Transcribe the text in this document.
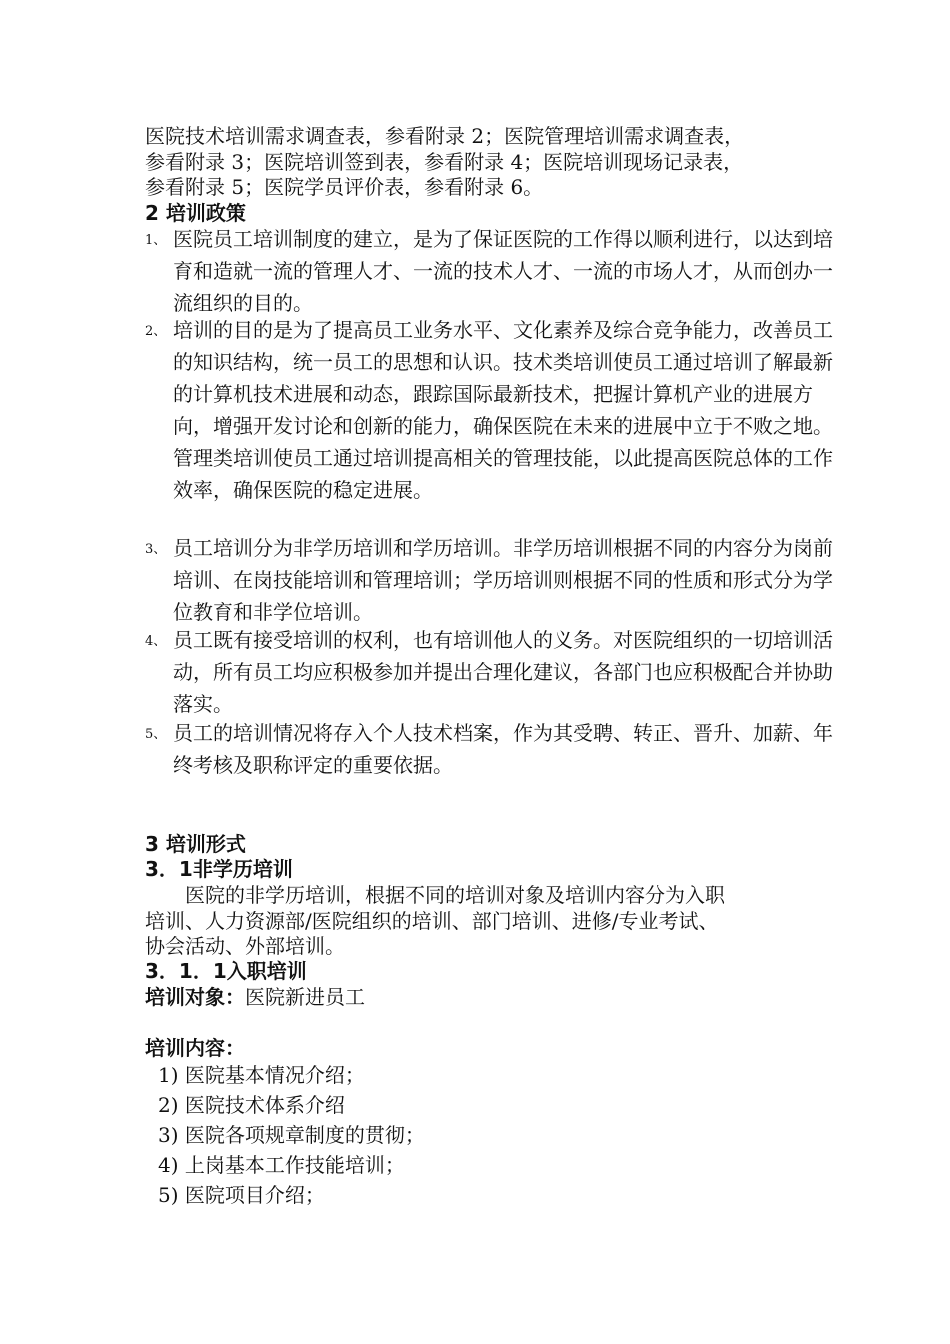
医院技术培训需求调查表，参看附录 2；医院管理培训需求调查表，
参看附录 3；医院培训签到表，参看附录 4；医院培训现场记录表，
参看附录 5；医院学员评价表，参看附录 6。
2 培训政策
1、 医院员工培训制度的建立，是为了保证医院的工作得以顺利进行，以达到培育和造就一流的管理人才、一流的技术人才、一流的市场人才，从而创办一流组织的目的。
2、 培训的目的是为了提高员工业务水平、文化素养及综合竞争能力，改善员工的知识结构，统一员工的思想和认识。技术类培训使员工通过培训了解最新的计算机技术进展和动态，跟踪国际最新技术，把握计算机产业的进展方向，增强开发讨论和创新的能力，确保医院在未来的进展中立于不败之地。管理类培训使员工通过培训提高相关的管理技能，以此提高医院总体的工作效率，确保医院的稳定进展。
3、 员工培训分为非学历培训和学历培训。非学历培训根据不同的内容分为岗前培训、在岗技能培训和管理培训；学历培训则根据不同的性质和形式分为学位教育和非学位培训。
4、 员工既有接受培训的权利，也有培训他人的义务。对医院组织的一切培训活动，所有员工均应积极参加并提出合理化建议，各部门也应积极配合并协助落实。
5、 员工的培训情况将存入个人技术档案，作为其受聘、转正、晋升、加薪、年终考核及职称评定的重要依据。
3 培训形式
3．1非学历培训
医院的非学历培训，根据不同的培训对象及培训内容分为入职
培训、人力资源部/医院组织的培训、部门培训、进修/专业考试、
协会活动、外部培训。
3．1．1入职培训
培训对象：医院新进员工
培训内容：
1) 医院基本情况介绍；
2) 医院技术体系介绍
3) 医院各项规章制度的贯彻；
4) 上岗基本工作技能培训；
5) 医院项目介绍；
